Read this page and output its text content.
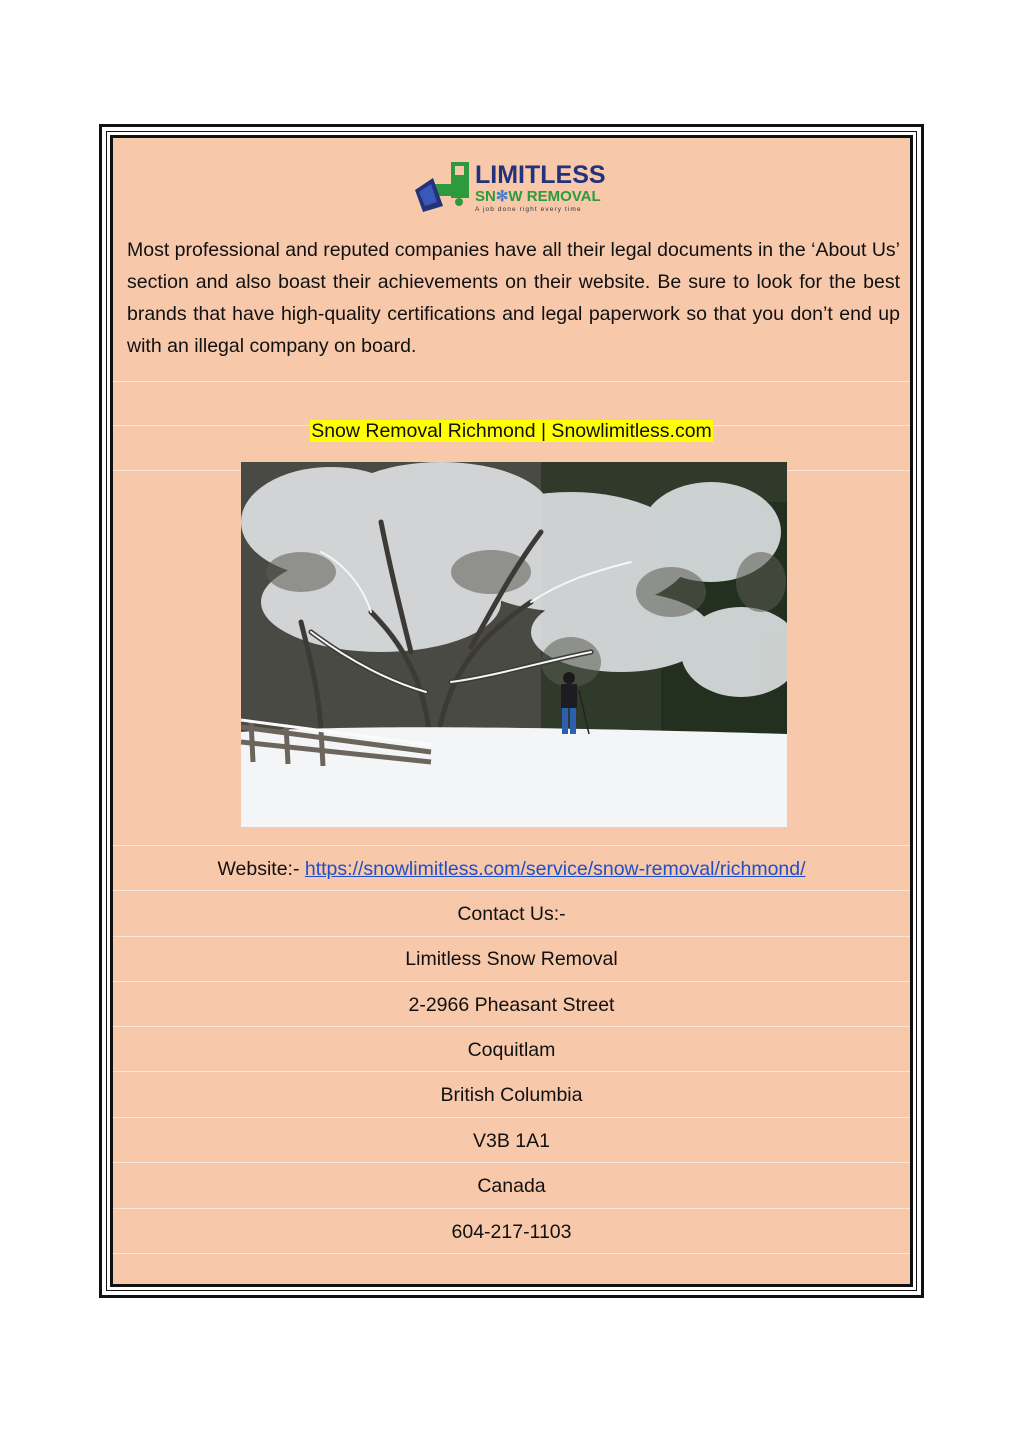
LIMITLESS
SN✻W REMOVAL
A job done right every time

Most professional and reputed companies have all their legal documents in the ‘About Us’ section and also boast their achievements on their website. Be sure to look for the best brands that have high-quality certifications and legal paperwork so that you don’t end up with an illegal company on board.

Snow Removal Richmond | Snowlimitless.com
Website:- https://snowlimitless.com/service/snow-removal/richmond/
Contact Us:-
Limitless Snow Removal
2-2966 Pheasant Street
Coquitlam
British Columbia
V3B 1A1
Canada
604-217-1103
